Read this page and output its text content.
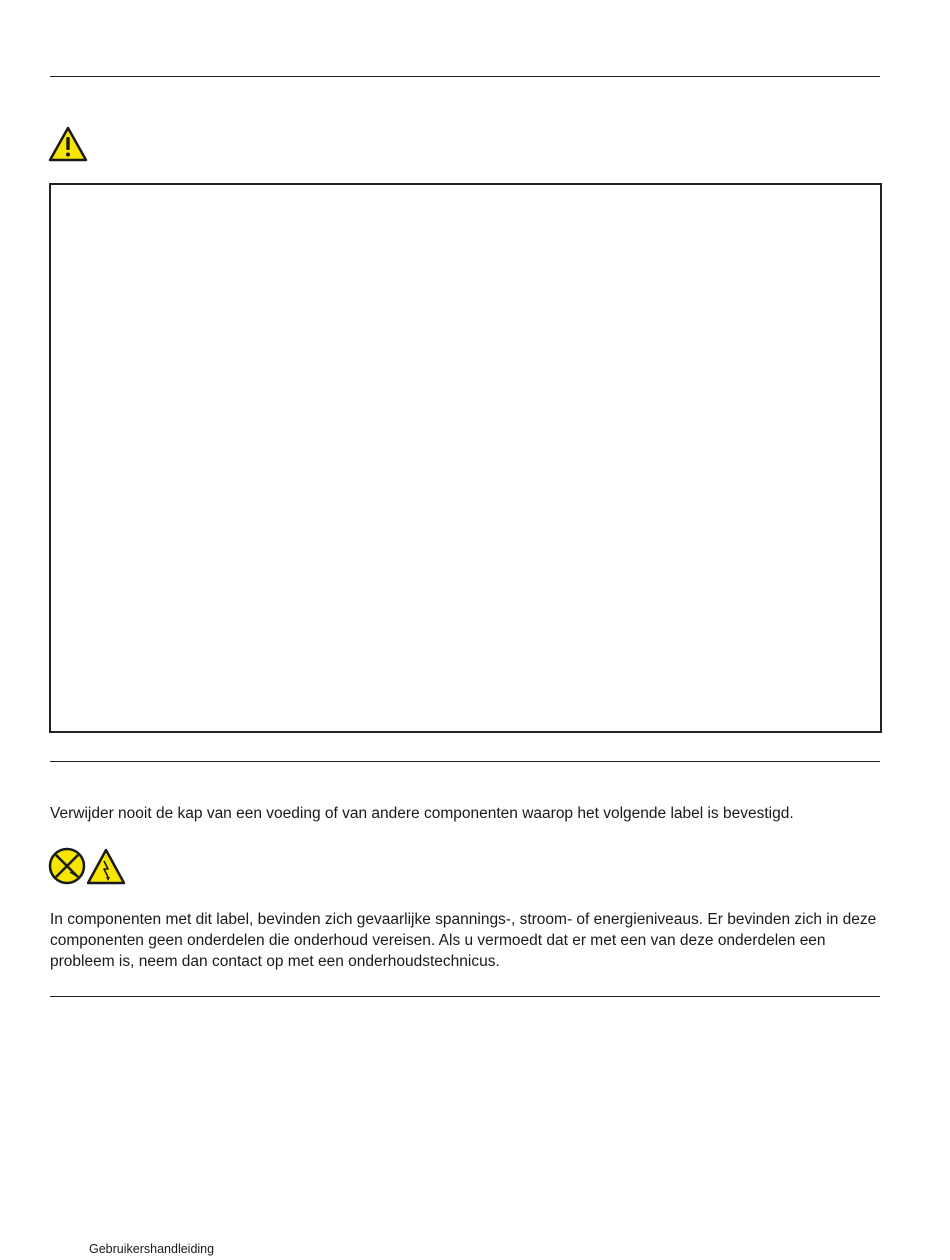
Verwijder nooit de kap van een voeding of van andere componenten waarop het volgende label is bevestigd.
In componenten met dit label, bevinden zich gevaarlijke spannings-, stroom- of energieniveaus. Er bevinden zich in deze componenten geen onderdelen die onderhoud vereisen. Als u vermoedt dat er met een van deze onderdelen een probleem is, neem dan contact op met een onderhoudstechnicus.
Gebruikershandleiding
